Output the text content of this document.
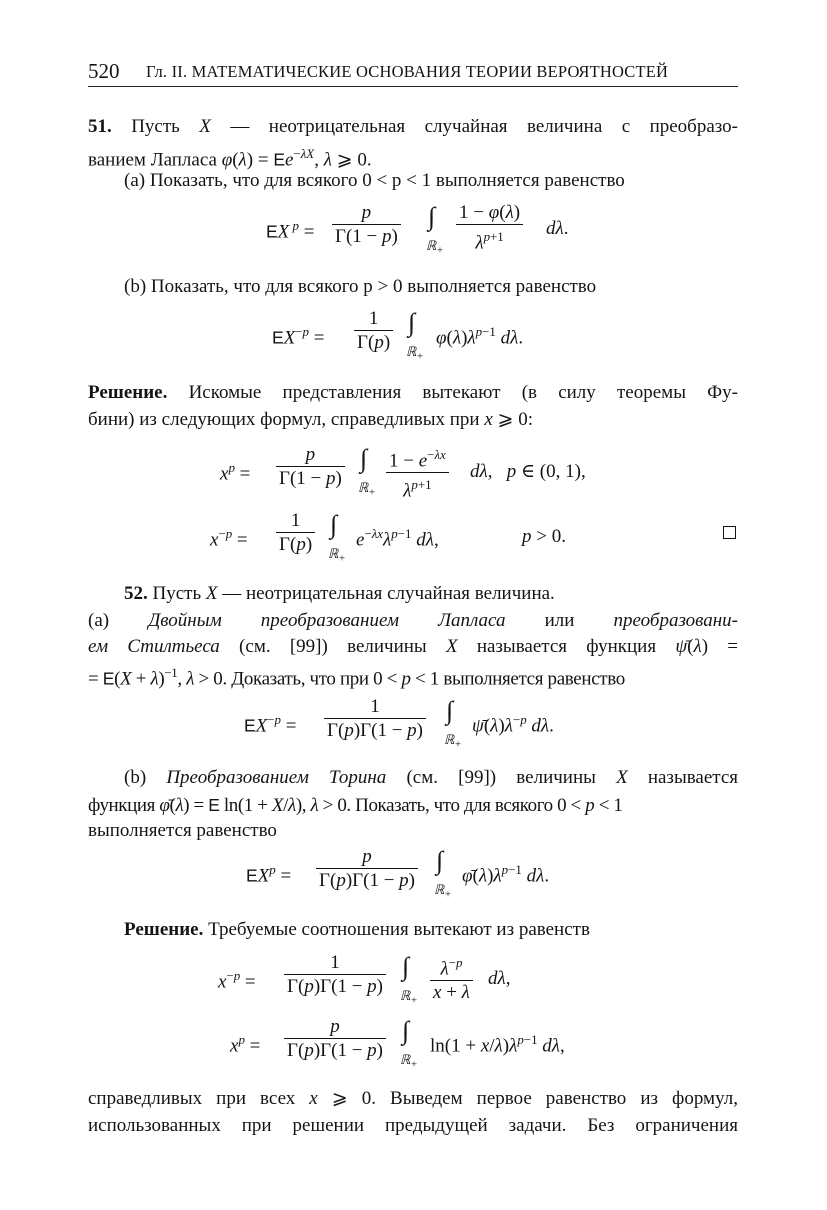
520 Гл. II. МАТЕМАТИЧЕСКИЕ ОСНОВАНИЯ ТЕОРИИ ВЕРОЯТНОСТЕЙ
51. Пусть X — неотрицательная случайная величина с преобразо-
ванием Лапласа $\varphi(\lambda) = Ee^{-\lambda X}$, λ ⩾ 0.
(a) Показать, что для всякого 0 < p < 1 выполняется равенство
EX $^p = \frac{p}{\Gamma(1 - p)}$ ∫
ℝ$_+$ $\frac{1 - \varphi(\lambda)}{\lambda^{p+1}} d\lambda$.
(b) Показать, что для всякого p > 0 выполняется равенство
$EX^{-p} = \frac{1}{\Gamma(p)}$ ∫
ℝ$_+$
$\varphi(\lambda)\lambda^{p-1}$ dλ.
Решение. Искомые представления вытекают (в силу теоремы Фу-
бини) из следующих формул, справедливых при x ⩾ 0:
$x^p = \frac{p}{\Gamma(1 - p)}$ ∫
ℝ$_+$ $\frac{1 - e^{-\lambda x}}{\lambda^{p+1}} d\lambda$,   p ∈ (0, 1),
$x^{-p} = \frac{1}{\Gamma(p)}$ ∫
ℝ$_+$
$e^{-\lambda x}\lambda^{p-1}$ dλ,	p > 0.
52. Пусть X — неотрицательная случайная величина.
(a) Двойным преобразованием Лапласа или преобразовани-
ем Стилтьеса (см. [99]) величины X называется функция ψ̄(λ) =
= $E(X + \lambda)^{-1}$, λ > 0. Доказать, что при 0 < p < 1 выполняется равенство
$EX^{-p} = \frac{1}{\Gamma(p)\Gamma(1 - p)}$ ∫
ℝ$_+$
$\psī(\lambda)\lambda^{-p}$ dλ.
(b) Преобразованием Торина (см. [99]) величины X называется
функция φ̄(λ) = E ln(1 + X/λ), λ > 0. Показать, что для всякого 0 < p < 1
выполняется равенство
$EX^p = \frac{p}{\Gamma(p)\Gamma(1 - p)}$ ∫
ℝ$_+$
$\varphī(\lambda)\lambda^{p-1}$ dλ.
Решение. Требуемые соотношения вытекают из равенств
$x^{-p} = \frac{1}{\Gamma(p)\Gamma(1 - p)}$ ∫
ℝ$_+$ $\frac{\lambda^{-p}}{x + \lambda} d\lambda$,
$x^p = \frac{p}{\Gamma(p)\Gamma(1 - p)}$ ∫
ℝ$_+$
$\ln(1 + x/\lambda)\lambda^{p-1}$ dλ,
справедливых при всех x ⩾ 0. Выведем первое равенство из формул,
использованных при решении предыдущей задачи. Без ограничения
